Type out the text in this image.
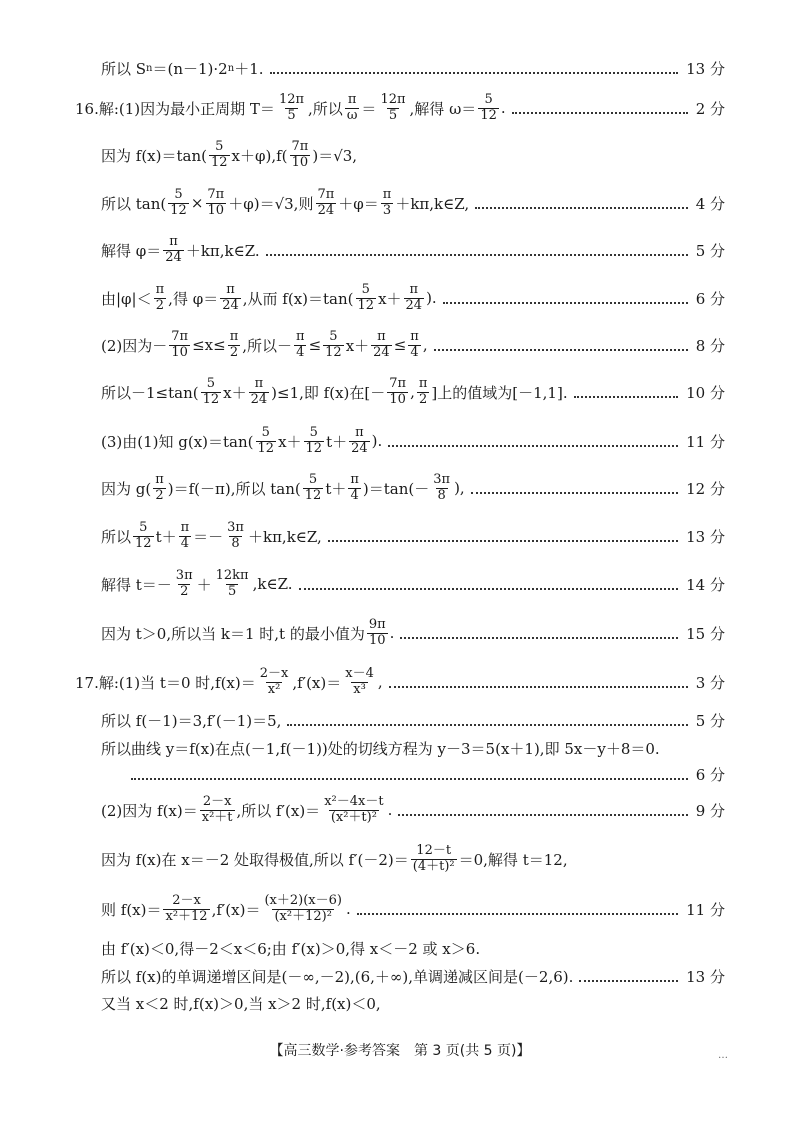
所以 S n ＝(n－1)·2 n ＋1.	13 分
16.解:(1)因为最小正周期 $T= \frac{12\pi}{5}$ ,所以 $\frac{\pi}{\omega} = \frac{12\pi}{5}$ ,解得 $\omega= \frac{5}{12}$ .	2 分
因为 $f(x)=\tan( \frac{5}{12} x+\varphi),f( \frac{7\pi}{10} )=√3$,
所以 $\tan( \frac{5}{12} \times \frac{7\pi}{10} +\varphi)=√3$,则 $\frac{7\pi}{24} +\varphi= \frac{\pi}{3}$ ＋kπ,k∈Z,	4 分
解得 $\varphi= \frac{\pi}{24}$ ＋kπ,k∈Z.	5 分
由$|\varphi|< \frac{\pi}{2}$ ,得 $\varphi= \frac{\pi}{24}$ ,从而 $f(x)=\tan( \frac{5}{12} x+ \frac{\pi}{24}$ ).	6 分
(2)因为－ $\frac{7\pi}{10} \le x\le \frac{\pi}{2}$ ,所以－ $\frac{\pi}{4} \le \frac{5}{12} x+ \frac{\pi}{24} \le \frac{\pi}{4}$ ,	8 分
所以$-1\le\tan( \frac{5}{12} x+ \frac{\pi}{24} )\le 1$,即 f(x)在[－ $\frac{7\pi}{10}$ , $\frac{\pi}{2}$ ]上的值域为[－1,1].	10 分
(3)由(1)知 $g(x)=\tan( \frac{5}{12} x+ \frac{5}{12} t+ \frac{\pi}{24}$ ).	11 分
因为 $g( \frac{\pi}{2} )=f(-\pi)$,所以 $\tan( \frac{5}{12} t+ \frac{\pi}{4} )=\tan(- \frac{3\pi}{8}$ ),	12 分
所以 $\frac{5}{12} t+ \frac{\pi}{4} =- \frac{3\pi}{8}$ ＋kπ,k∈Z,	13 分
解得 $t=- \frac{3\pi}{2} + \frac{12k\pi}{5}$ ,k∈Z.	14 分
因为 t＞0,所以当 k＝1 时,t 的最小值为 $\frac{9\pi}{10}$ .	15 分
17.解:(1)当 t＝0 时$,f(x)= \frac{2-x}{\text{x²}} ,f'(x)= \frac{x-4}{\text{x³}}$ ,	3 分
所以 f(－1)＝3,f′(－1)＝5,	5 分
所以曲线 y＝f(x)在点(－1,f(－1))处的切线方程为 y－3＝5(x＋1),即 5x－y＋8＝0.
6 分
(2)因为 $f(x)= \frac{2-x}{\text{x²＋t}}$ ,所以 $f'(x)= \frac{\text{x²－4x－t}}{\text{(x²＋t)²}}$ .	9 分
因为 f(x)在 x＝－2 处取得极值,所以 $f'(-2)= \frac{12-t}{\text{(4＋t)²}} =0$,解得 t＝12,
则 $f(x)= \frac{2-x}{\text{x²＋12}} ,f'(x)= \frac{(x+2)(x-6)}{\text{(x²＋12)²}}$ .	11 分
由 f′(x)＜0,得－2＜x＜6;由 f′(x)＞0,得 x＜－2 或 x＞6.
所以 f(x)的单调递增区间是(－∞,－2),(6,＋∞),单调递减区间是(－2,6).	13 分
又当 x＜2 时,f(x)＞0,当 x＞2 时,f(x)＜0,
【高三数学·参考答案　第 3 页(共 5 页)】	…
